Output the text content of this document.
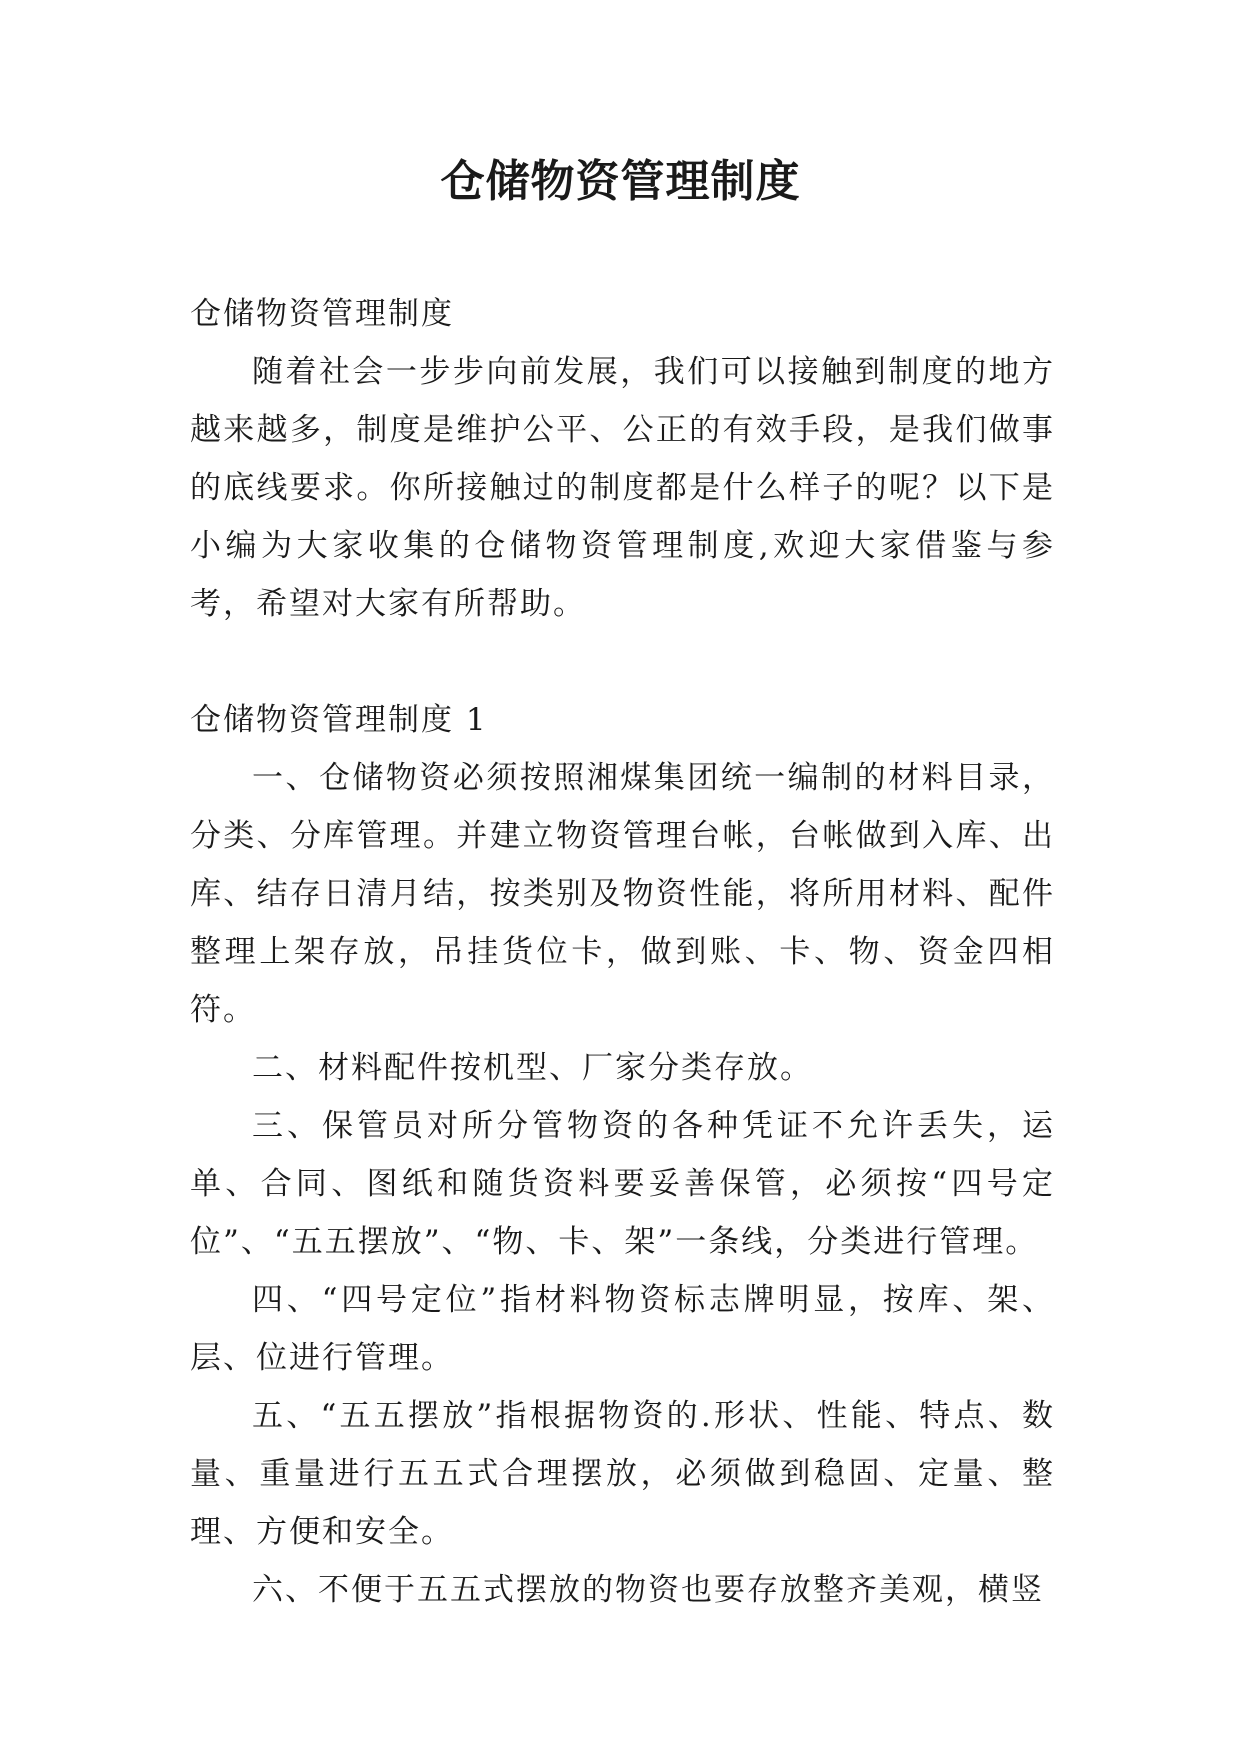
仓储物资管理制度

仓储物资管理制度

随着社会一步步向前发展，我们可以接触到制度的地方越来越多，制度是维护公平、公正的有效手段，是我们做事的底线要求。你所接触过的制度都是什么样子的呢？以下是小编为大家收集的仓储物资管理制度,欢迎大家借鉴与参考，希望对大家有所帮助。

仓储物资管理制度 1

一、仓储物资必须按照湘煤集团统一编制的材料目录，分类、分库管理。并建立物资管理台帐，台帐做到入库、出库、结存日清月结，按类别及物资性能，将所用材料、配件整理上架存放，吊挂货位卡，做到账、卡、物、资金四相符。

二、材料配件按机型、厂家分类存放。

三、保管员对所分管物资的各种凭证不允许丢失，运单、合同、图纸和随货资料要妥善保管，必须按“四号定位”、“五五摆放”、“物、卡、架”一条线，分类进行管理。

四、“四号定位”指材料物资标志牌明显，按库、架、层、位进行管理。

五、“五五摆放”指根据物资的.形状、性能、特点、数量、重量进行五五式合理摆放，必须做到稳固、定量、整理、方便和安全。

六、不便于五五式摆放的物资也要存放整齐美观，横竖
